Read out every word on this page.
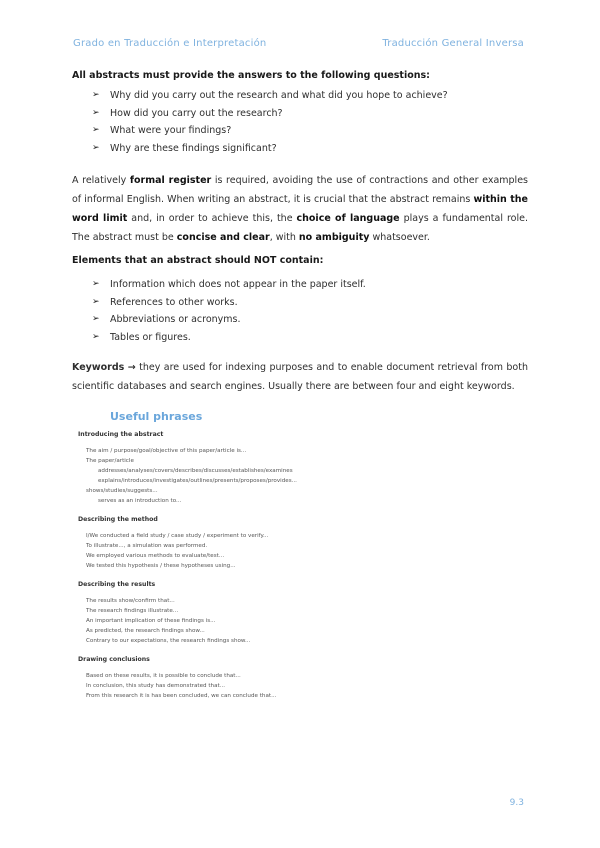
Grado en Traducción e Interpretación	Traducción General Inversa
All abstracts must provide the answers to the following questions:
➢ Why did you carry out the research and what did you hope to achieve?
➢ How did you carry out the research?
➢ What were your findings?
➢ Why are these findings significant?

A relatively formal register is required, avoiding the use of contractions and other examples of informal English. When writing an abstract, it is crucial that the abstract remains within the word limit and, in order to achieve this, the choice of language plays a fundamental role. The abstract must be concise and clear, with no ambiguity whatsoever.

Elements that an abstract should NOT contain:
➢ Information which does not appear in the paper itself.
➢ References to other works.
➢ Abbreviations or acronyms.
➢ Tables or figures.

Keywords → they are used for indexing purposes and to enable document retrieval from both scientific databases and search engines. Usually there are between four and eight keywords.

Useful phrases
Introducing the abstract
The aim / purpose/goal/objective of this paper/article is...
The paper/article
addresses/analyses/covers/describes/discusses/establishes/examines
explains/introduces/investigates/outlines/presents/proposes/provides...
shows/studies/suggests...
serves as an introduction to...
Describing the method
I/We conducted a field study / case study / experiment to verify...
To illustrate..., a simulation was performed.
We employed various methods to evaluate/test...
We tested this hypothesis / these hypotheses using...
Describing the results
The results show/confirm that...
The research findings illustrate...
An important implication of these findings is...
As predicted, the research findings show...
Contrary to our expectations, the research findings show...
Drawing conclusions
Based on these results, it is possible to conclude that...
In conclusion, this study has demonstrated that...
From this research it is has been concluded, we can conclude that...
9.3
